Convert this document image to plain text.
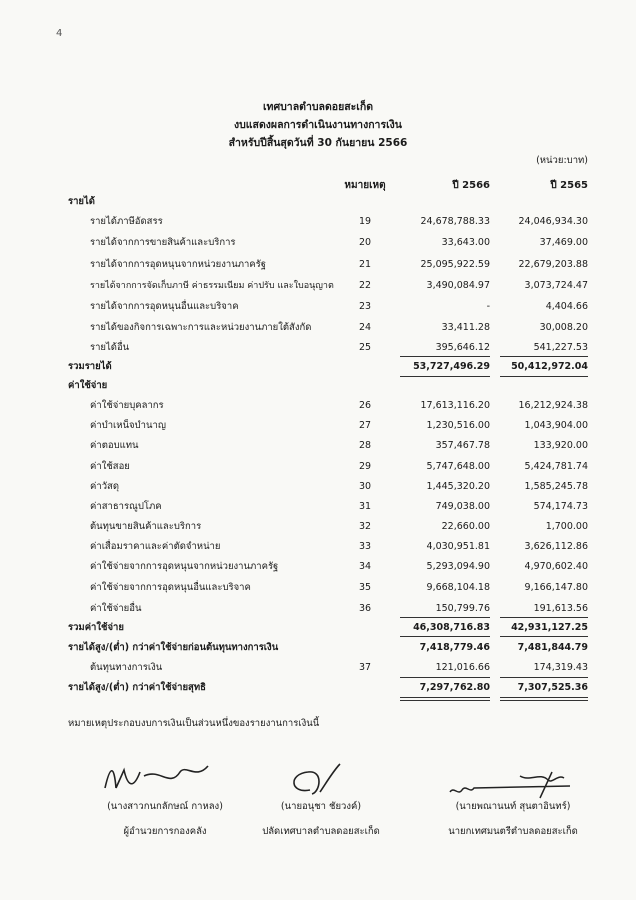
4
เทศบาลตำบลดอยสะเก็ด
งบแสดงผลการดำเนินงานทางการเงิน
สำหรับปีสิ้นสุดวันที่ 30 กันยายน 2566
(หน่วย:บาท)
หมายเหตุ	ปี 2566	ปี 2565
รายได้
รายได้ภาษีอัดสรร	19	24,678,788.33	24,046,934.30
รายได้จากการขายสินค้าและบริการ	20	33,643.00	37,469.00
รายได้จากการอุดหนุนจากหน่วยงานภาครัฐ	21	25,095,922.59	22,679,203.88
รายได้จากการจัดเก็บภาษี ค่าธรรมเนียม ค่าปรับ และใบอนุญาต	22	3,490,084.97	3,073,724.47
รายได้จากการอุดหนุนอื่นและบริจาค	23	-	4,404.66
รายได้ของกิจการเฉพาะการและหน่วยงานภายใต้สังกัด	24	33,411.28	30,008.20
รายได้อื่น	25	395,646.12	541,227.53
รวมรายได้	53,727,496.29	50,412,972.04
ค่าใช้จ่าย
ค่าใช้จ่ายบุคลากร	26	17,613,116.20	16,212,924.38
ค่าบำเหน็จบำนาญ	27	1,230,516.00	1,043,904.00
ค่าตอบแทน	28	357,467.78	133,920.00
ค่าใช้สอย	29	5,747,648.00	5,424,781.74
ค่าวัสดุ	30	1,445,320.20	1,585,245.78
ค่าสาธารณูปโภค	31	749,038.00	574,174.73
ต้นทุนขายสินค้าและบริการ	32	22,660.00	1,700.00
ค่าเสื่อมราคาและค่าตัดจำหน่าย	33	4,030,951.81	3,626,112.86
ค่าใช้จ่ายจากการอุดหนุนจากหน่วยงานภาครัฐ	34	5,293,094.90	4,970,602.40
ค่าใช้จ่ายจากการอุดหนุนอื่นและบริจาค	35	9,668,104.18	9,166,147.80
ค่าใช้จ่ายอื่น	36	150,799.76	191,613.56
รวมค่าใช้จ่าย	46,308,716.83	42,931,127.25
รายได้สูง/(ต่ำ) กว่าค่าใช้จ่ายก่อนต้นทุนทางการเงิน	7,418,779.46	7,481,844.79
ต้นทุนทางการเงิน	37	121,016.66	174,319.43
รายได้สูง/(ต่ำ) กว่าค่าใช้จ่ายสุทธิ	7,297,762.80	7,307,525.36
หมายเหตุประกอบงบการเงินเป็นส่วนหนึ่งของรายงานการเงินนี้
(นางสาวกนกลักษณ์ กาหลง)
ผู้อำนวยการกองคลัง
(นายอนุชา ชัยวงค์)
ปลัดเทศบาลตำบลดอยสะเก็ด
(นายพณานนท์ สุนตาอินทร์)
นายกเทศมนตรีตำบลดอยสะเก็ด
